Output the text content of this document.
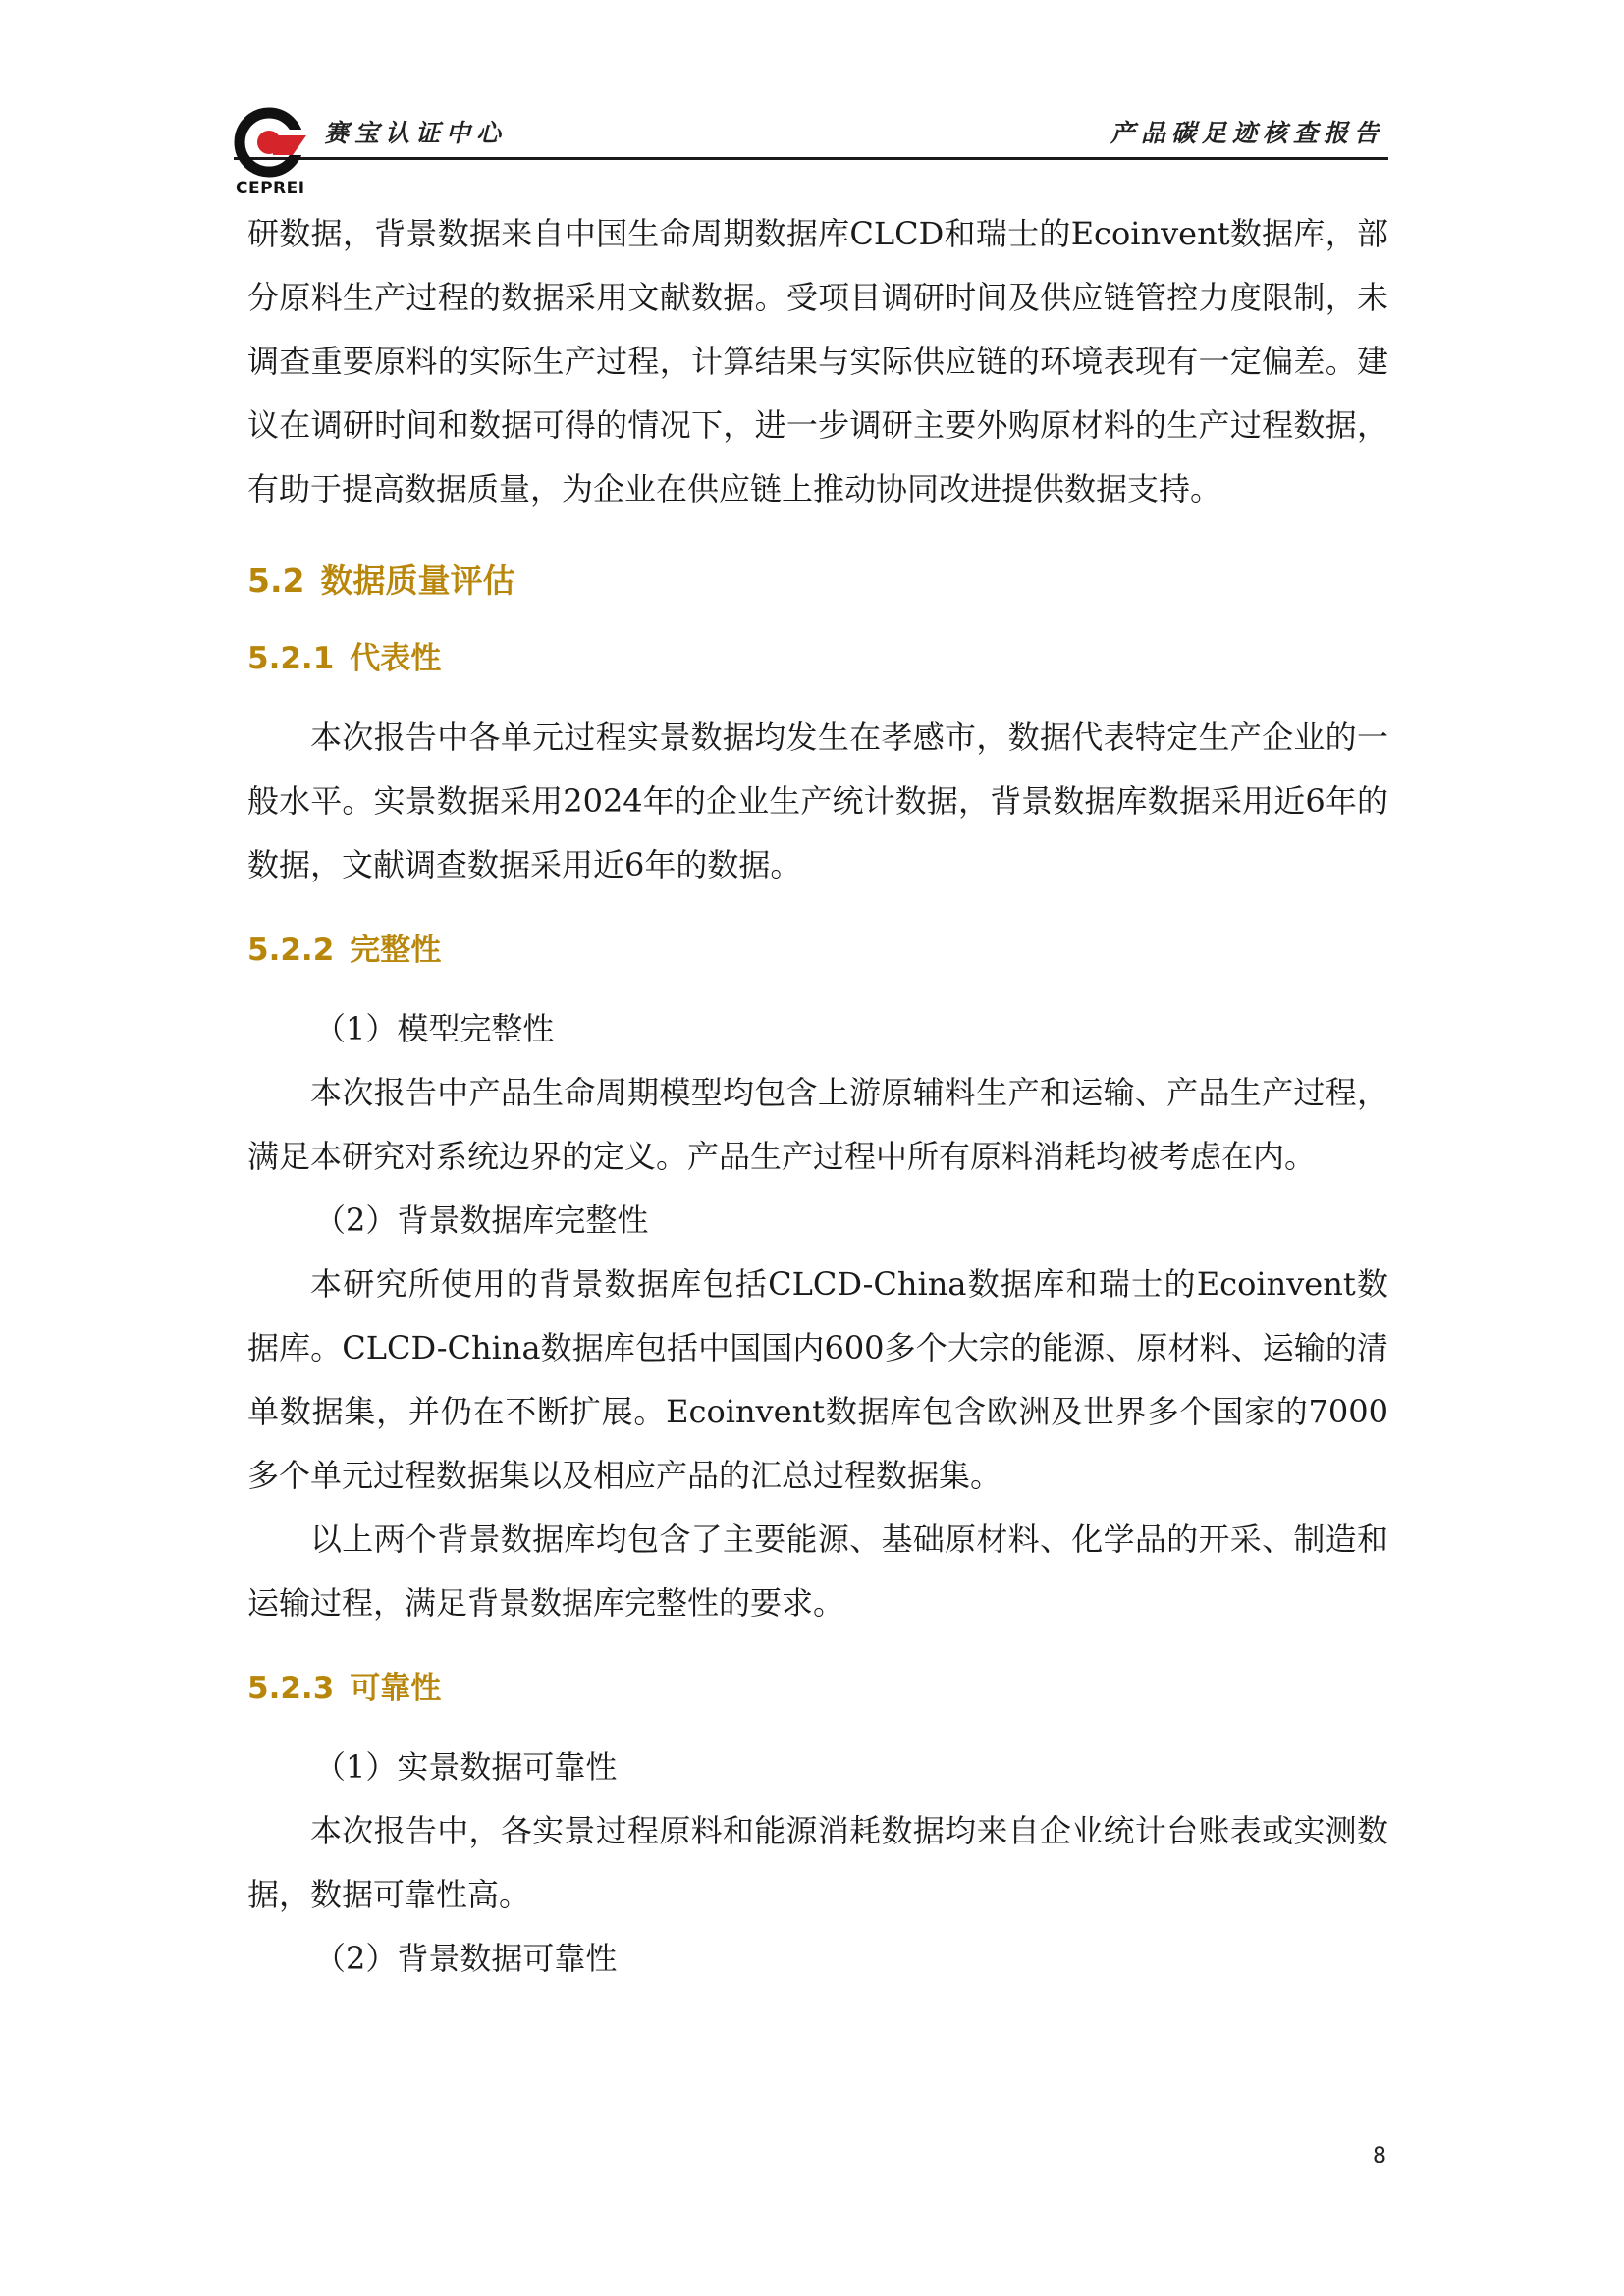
CEPREI
赛宝认证中心	产品碳足迹核查报告

研数据，背景数据来自中国生命周期数据库CLCD和瑞士的Ecoinvent数据库，部分原料生产过程的数据采用文献数据。受项目调研时间及供应链管控力度限制，未调查重要原料的实际生产过程，计算结果与实际供应链的环境表现有一定偏差。建议在调研时间和数据可得的情况下，进一步调研主要外购原材料的生产过程数据，有助于提高数据质量，为企业在供应链上推动协同改进提供数据支持。

5.2 数据质量评估
5.2.1 代表性

本次报告中各单元过程实景数据均发生在孝感市，数据代表特定生产企业的一般水平。实景数据采用2024年的企业生产统计数据，背景数据库数据采用近6年的数据，文献调查数据采用近6年的数据。

5.2.2 完整性

（1）模型完整性

本次报告中产品生命周期模型均包含上游原辅料生产和运输、产品生产过程，满足本研究对系统边界的定义。产品生产过程中所有原料消耗均被考虑在内。

（2）背景数据库完整性

本研究所使用的背景数据库包括CLCD-China数据库和瑞士的Ecoinvent数据库。CLCD-China数据库包括中国国内600多个大宗的能源、原材料、运输的清单数据集，并仍在不断扩展。Ecoinvent数据库包含欧洲及世界多个国家的7000多个单元过程数据集以及相应产品的汇总过程数据集。

以上两个背景数据库均包含了主要能源、基础原材料、化学品的开采、制造和运输过程，满足背景数据库完整性的要求。

5.2.3 可靠性

（1）实景数据可靠性

本次报告中，各实景过程原料和能源消耗数据均来自企业统计台账表或实测数据，数据可靠性高。

（2）背景数据可靠性

8
